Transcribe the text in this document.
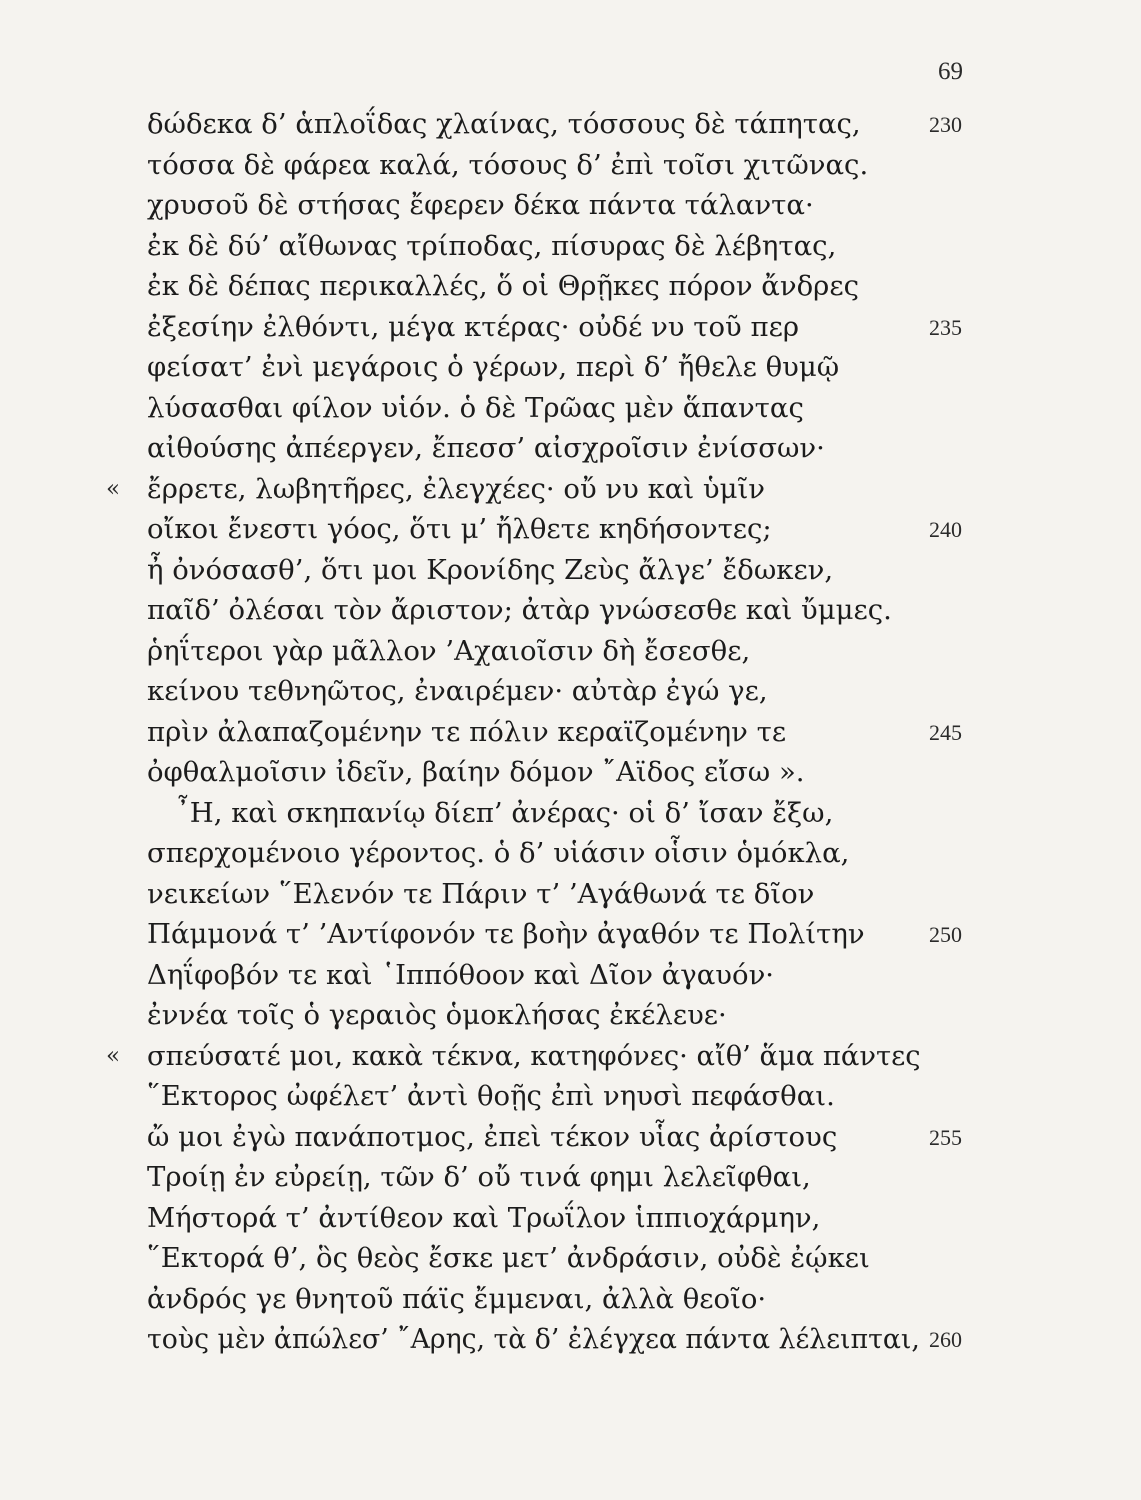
69
δώδεκα δ’ ἁπλοΐδας χλαίνας, τόσσους δὲ τάπητας,	230
τόσσα δὲ φάρεα καλά, τόσους δ’ ἐπὶ τοῖσι χιτῶνας.
χρυσοῦ δὲ στήσας ἔφερεν δέκα πάντα τάλαντα·
ἐκ δὲ δύ’ αἴθωνας τρίποδας, πίσυρας δὲ λέβητας,
ἐκ δὲ δέπας περικαλλές, ὅ οἱ Θρῇκες πόρον ἄνδρες
ἐξεσίην ἐλθόντι, μέγα κτέρας· οὐδέ νυ τοῦ περ	235
φείσατ’ ἐνὶ μεγάροις ὁ γέρων, περὶ δ’ ἤθελε θυμῷ
λύσασθαι φίλον υἱόν. ὁ δὲ Τρῶας μὲν ἅπαντας
αἰθούσης ἀπέεργεν, ἔπεσσ’ αἰσχροῖσιν ἐνίσσων·
« ἔρρετε, λωβητῆρες, ἐλεγχέες· οὔ νυ καὶ ὑμῖν
οἴκοι ἔνεστι γόος, ὅτι μ’ ἤλθετε κηδήσοντες;	240
ἦ ὀνόσασθ’, ὅτι μοι Κρονίδης Ζεὺς ἄλγε’ ἔδωκεν,
παῖδ’ ὀλέσαι τὸν ἄριστον; ἀτὰρ γνώσεσθε καὶ ὔμμες.
ῥηΐτεροι γὰρ μᾶλλον ’Αχαιοῖσιν δὴ ἔσεσθε,
κείνου τεθνηῶτος, ἐναιρέμεν· αὐτὰρ ἐγώ γε,
πρὶν ἀλαπαζομένην τε πόλιν κεραϊζομένην τε	245
ὀφθαλμοῖσιν ἰδεῖν, βαίην δόμον ῎Αϊδος εἴσω ».
῏Η, καὶ σκηπανίῳ δίεπ’ ἀνέρας· οἱ δ’ ἴσαν ἔξω,
σπερχομένοιο γέροντος. ὁ δ’ υἱάσιν οἷσιν ὁμόκλα,
νεικείων ῞Ελενόν τε Πάριν τ’ ’Αγάθωνά τε δῖον
Πάμμονά τ’ ’Αντίφονόν τε βοὴν ἀγαθόν τε Πολίτην	250
Δηΐφοβόν τε καὶ ῾Ιππόθοον καὶ Δῖον ἀγαυόν·
ἐννέα τοῖς ὁ γεραιὸς ὁμοκλήσας ἐκέλευε·
« σπεύσατέ μοι, κακὰ τέκνα, κατηφόνες· αἴθ’ ἅμα πάντες
῞Εκτορος ὠφέλετ’ ἀντὶ θοῇς ἐπὶ νηυσὶ πεφάσθαι.
ὤ μοι ἐγὼ πανάποτμος, ἐπεὶ τέκον υἷας ἀρίστους	255
Τροίῃ ἐν εὐρείῃ, τῶν δ’ οὔ τινά φημι λελεῖφθαι,
Μήστορά τ’ ἀντίθεον καὶ Τρωΐλον ἱππιοχάρμην,
῞Εκτορά θ’, ὃς θεὸς ἔσκε μετ’ ἀνδράσιν, οὐδὲ ἐῴκει
ἀνδρός γε θνητοῦ πάϊς ἔμμεναι, ἀλλὰ θεοῖο·
τοὺς μὲν ἀπώλεσ’ ῎Αρης, τὰ δ’ ἐλέγχεα πάντα λέλειπται, 260
